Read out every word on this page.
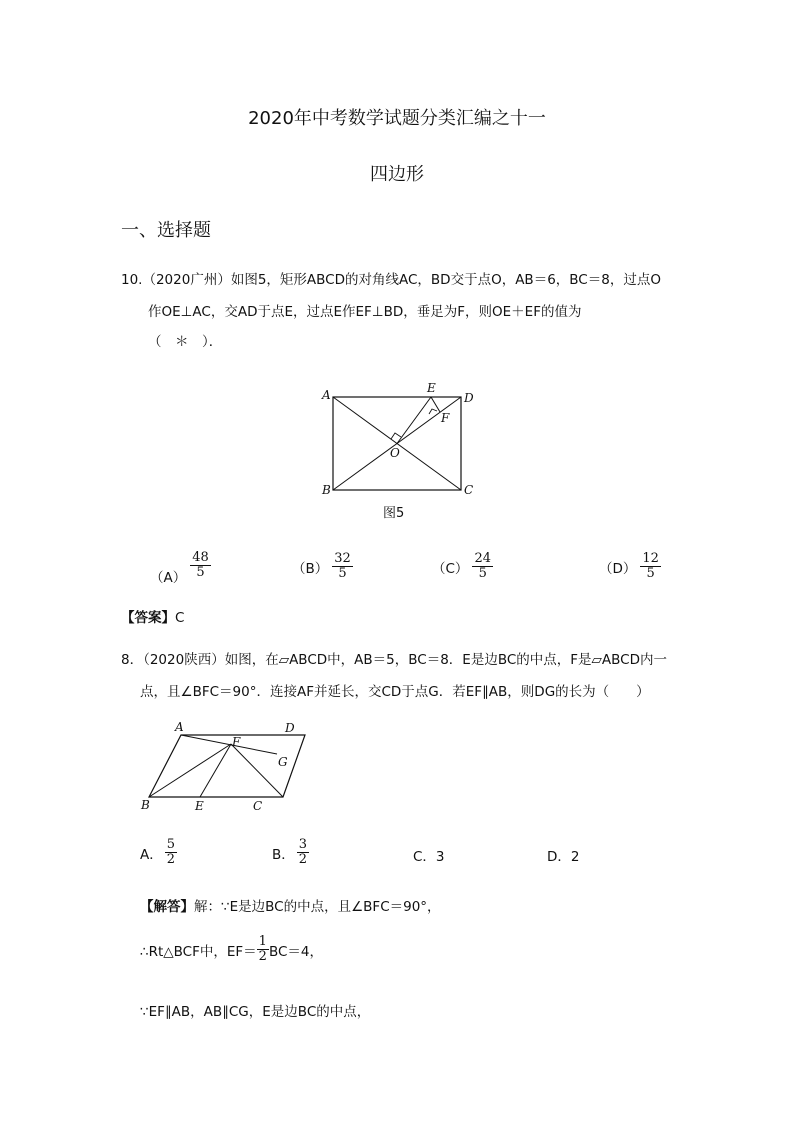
2020年中考数学试题分类汇编之十一
四边形
一、选择题
10.（2020广州）如图5，矩形ABCD的对角线AC，BD交于点O，AB＝6，BC＝8，过点O
作OE⊥AC，交AD于点E，过点E作EF⊥BD，垂足为F，则OE＋EF的值为
（　＊　）．
A
B	C
D
E
F
O
图5
$(A) \frac{48}{5}$	$(B) \frac{32}{5}$	$(C) \frac{24}{5}$	$(D) \frac{12}{5}$
【答案】C
8．（2020陕西）如图，在▱ABCD中，AB＝5，BC＝8．E是边BC的中点，F是▱ABCD内一
点，且∠BFC＝90°．连接AF并延长，交CD于点G．若EF∥AB，则DG的长为（　　）
A	D
F
G
B	E	C
A． $\frac{5}{2}$	B． $\frac{3}{2}$	C．3	D．2
【解答】解：∵E是边BC的中点，且∠BFC＝90°，
∴Rt△BCF中，$EF= \frac{1}{2} BC=4$，
∵EF∥AB，AB∥CG，E是边BC的中点，
